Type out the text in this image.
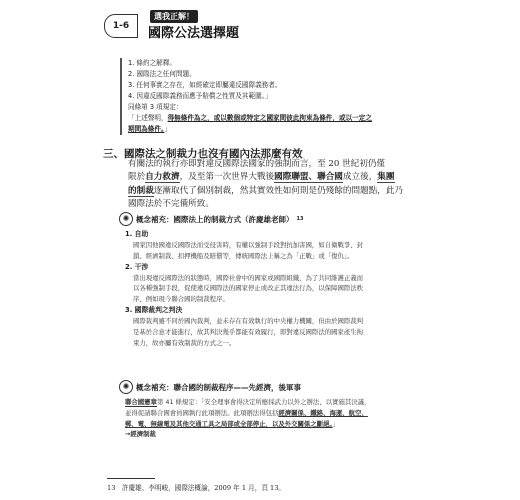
1-6
選我正解！
國際公法選擇題
1. 條約之解釋。
2. 國際法之任何問題。
3. 任何事實之存在，如經確定即屬違反國際義務者。
4. 因違反國際義務而應予賠償之性質及其範圍。」
同條第 3 項規定：
「上述聲明，得無條件為之，或以數個或特定之國家間彼此拘束為條件，或以一定之
期間為條件。」
三、國際法之制裁力也沒有國內法那麼有效
有關法的執行亦即對違反國際法國家的強制而言，至 20 世紀初仍僅
限於自力救濟，及至第一次世界大戰後國際聯盟、聯合國成立後，集團
的制裁逐漸取代了個別制裁，然其實效性如何則是仍殘餘的問題點，此乃
國際法於不完備所致。
✺ 概念補充：國際法上的制裁方式（許慶雄老師） 13
1. 自助
國家因他國違反國際法而受侵害時，有權以強制手段對抗加害國，如自衛戰爭、封
鎖、經濟制裁、扣押機船及賠償等，傳統國際法上稱之為「正戰」或「復仇」。
2. 干涉
當出現違反國際法的狀態時，國際社會中的國家或國際組織，為了共同維護正義而
以各種強制手段，促使違反國際法的國家停止或改正其違法行為，以保障國際法秩
序，例如現今聯合國的制裁程序。
3. 國際裁判之判決
國際裁判雖不同於國內裁判，並未存在有效執行的中央權力機關，但由於國際裁判
是基於合意才能進行，故其判決幾乎都能有效履行，即對違反國際法的國家產生拘
束力，故亦屬有效制裁的方式之一。
✺ 概念補充：聯合國的制裁程序——先經濟，後軍事
聯合國憲章第 41 條規定：「安全理事會得決定所應採武力以外之辦法，以實施其決議，
並得促請聯合國會員國執行此項辦法。此項辦法得包括經濟關係、鐵路、海運、航空、
郵、電、無線電及其他交通工具之局部或全部停止，以及外交關係之斷絕。」
→經濟制裁
13　許慶雄、李明峻，國際法概論，2009 年 1 月，頁 13。
